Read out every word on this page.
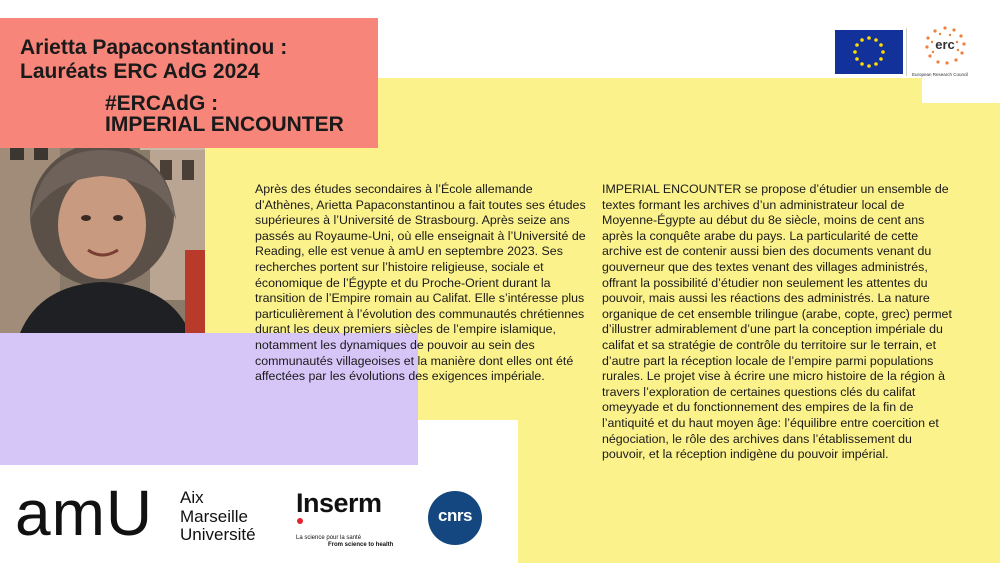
Arietta Papaconstantinou :
Lauréats ERC AdG 2024
#ERCAdG :
IMPERIAL ENCOUNTER
Après des études secondaires à l’École allemande d’Athènes, Arietta Papaconstantinou a fait toutes ses études supérieures à l’Université de Strasbourg. Après seize ans passés au Royaume-Uni, où elle enseignait à l’Université de Reading, elle est venue à amU en septembre 2023. Ses recherches portent sur l’histoire religieuse, sociale et économique de l’Égypte et du Proche-Orient durant la transition de l’Empire romain au Califat. Elle s’intéresse plus particulièrement à l’évolution des communautés chrétiennes durant les deux premiers siècles de l’empire islamique, notamment les dynamiques de pouvoir au sein des communautés villageoises et la manière dont elles ont été affectées par les évolutions des exigences impériale.
IMPERIAL ENCOUNTER se propose d’étudier un ensemble de textes formant les archives d’un administrateur local de Moyenne-Égypte au début du 8e siècle, moins de cent ans après la conquête arabe du pays. La particularité de cette archive est de contenir aussi bien des documents venant du gouverneur que des textes venant des villages administrés, offrant la possibilité d’étudier non seulement les attentes du pouvoir, mais aussi les réactions des administrés. La nature organique de cet ensemble trilingue (arabe, copte, grec) permet d’illustrer admirablement d’une part la conception impériale du califat et sa stratégie de contrôle du territoire sur le terrain, et d’autre part la réception locale de l’empire parmi populations rurales. Le projet vise à écrire une micro histoire de la région à travers l’exploration de certaines questions clés du califat omeyyade et du fonctionnement des empires de la fin de l’antiquité et du haut moyen âge: l’équilibre entre coercition et négociation, le rôle des archives dans l’établissement du pouvoir, et la réception indigène du pouvoir impérial.
erc
European Research Council
amU Aix
Marseille
Université
Inserm
La science pour la santé
From science to health
cnrs
